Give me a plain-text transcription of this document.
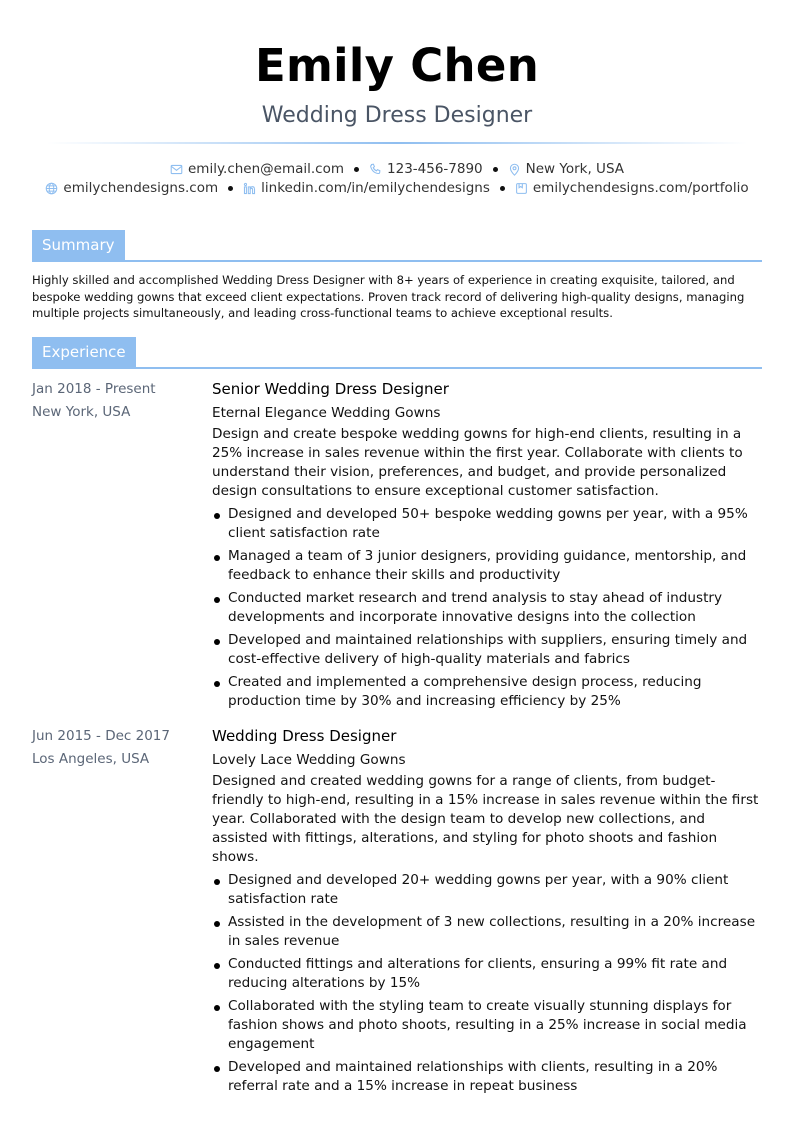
Emily Chen
Wedding Dress Designer
emily.chen@email.com	123-456-7890	New York, USA
emilychendesigns.com	linkedin.com/in/emilychendesigns	emilychendesigns.com/portfolio
Summary
Highly skilled and accomplished Wedding Dress Designer with 8+ years of experience in creating exquisite, tailored, and bespoke wedding gowns that exceed client expectations. Proven track record of delivering high-quality designs, managing multiple projects simultaneously, and leading cross-functional teams to achieve exceptional results.
Experience
Jan 2018 - Present
New York, USA
Senior Wedding Dress Designer
Eternal Elegance Wedding Gowns
Design and create bespoke wedding gowns for high-end clients, resulting in a 25% increase in sales revenue within the first year. Collaborate with clients to understand their vision, preferences, and budget, and provide personalized design consultations to ensure exceptional customer satisfaction.
Designed and developed 50+ bespoke wedding gowns per year, with a 95% client satisfaction rate
Managed a team of 3 junior designers, providing guidance, mentorship, and feedback to enhance their skills and productivity
Conducted market research and trend analysis to stay ahead of industry developments and incorporate innovative designs into the collection
Developed and maintained relationships with suppliers, ensuring timely and cost-effective delivery of high-quality materials and fabrics
Created and implemented a comprehensive design process, reducing production time by 30% and increasing efficiency by 25%
Jun 2015 - Dec 2017
Los Angeles, USA
Wedding Dress Designer
Lovely Lace Wedding Gowns
Designed and created wedding gowns for a range of clients, from budget-friendly to high-end, resulting in a 15% increase in sales revenue within the first year. Collaborated with the design team to develop new collections, and assisted with fittings, alterations, and styling for photo shoots and fashion shows.
Designed and developed 20+ wedding gowns per year, with a 90% client satisfaction rate
Assisted in the development of 3 new collections, resulting in a 20% increase in sales revenue
Conducted fittings and alterations for clients, ensuring a 99% fit rate and reducing alterations by 15%
Collaborated with the styling team to create visually stunning displays for fashion shows and photo shoots, resulting in a 25% increase in social media engagement
Developed and maintained relationships with clients, resulting in a 20% referral rate and a 15% increase in repeat business
